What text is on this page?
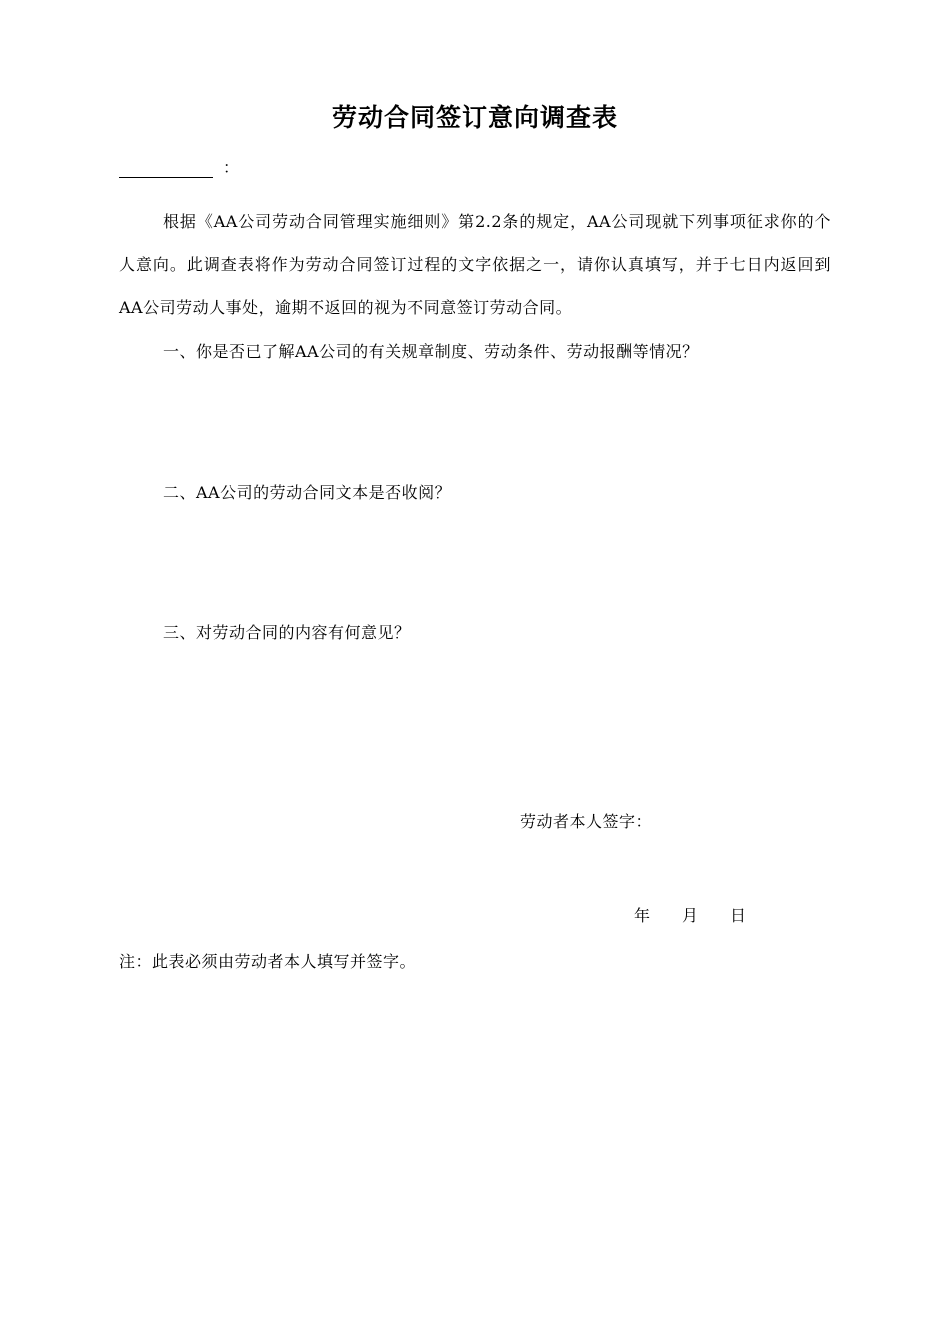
劳动合同签订意向调查表
：
根据《AA公司劳动合同管理实施细则》第2.2条的规定，AA公司现就下列事项征求你的个人意向。此调查表将作为劳动合同签订过程的文字依据之一，请你认真填写，并于七日内返回到AA公司劳动人事处，逾期不返回的视为不同意签订劳动合同。
一、你是否已了解AA公司的有关规章制度、劳动条件、劳动报酬等情况？
二、AA公司的劳动合同文本是否收阅？
三、对劳动合同的内容有何意见？
劳动者本人签字：
年 月 日
注：此表必须由劳动者本人填写并签字。
